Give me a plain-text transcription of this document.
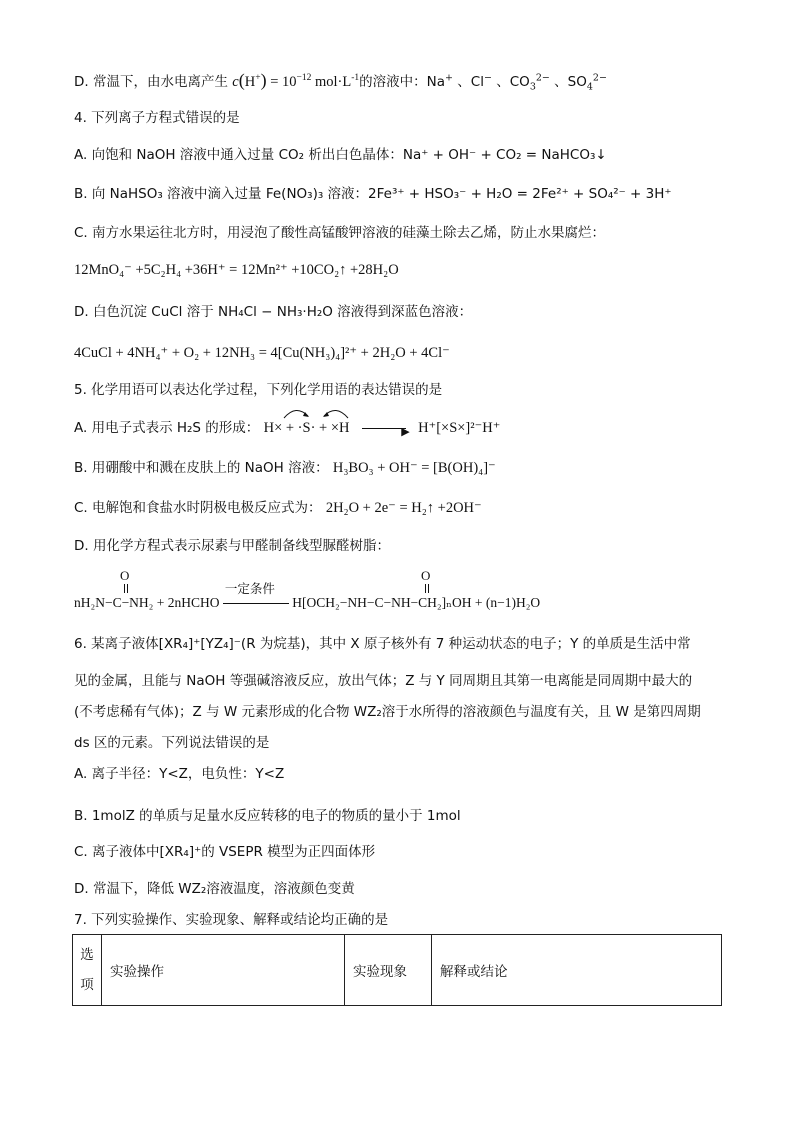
D. 常温下，由水电离产生 $c(H^+) = 10^{-12}$ $mol\cdot L^{-1}$的溶液中：Na+ 、Cl− 、$CO_3^{2-}$ 、$SO_4^{2-}$
4. 下列离子方程式错误的是
A. 向饱和 NaOH 溶液中通入过量 CO₂ 析出白色晶体：Na⁺ + OH⁻ + CO₂ = NaHCO₃↓
B. 向 NaHSO₃ 溶液中滴入过量 Fe(NO₃)₃ 溶液：2Fe³⁺ + HSO₃⁻ + H₂O = 2Fe²⁺ + SO₄²⁻ + 3H⁺
C. 南方水果运往北方时，用浸泡了酸性高锰酸钾溶液的硅藻土除去乙烯，防止水果腐烂：
12MnO₄⁻ +5C₂H₄ +36H⁺ = 12Mn²⁺ +10CO₂↑ +28H₂O
D. 白色沉淀 CuCl 溶于 NH₄Cl − NH₃·H₂O 溶液得到深蓝色溶液：
4CuCl + 4NH₄⁺ + O₂ + 12NH₃ = 4[Cu(NH₃)₄]²⁺ + 2H₂O + 4Cl⁻
5. 化学用语可以表达化学过程，下列化学用语的表达错误的是
A. 用电子式表示 H₂S 的形成： H× + ·S· + ×H	▶ H⁺[×S×]²⁻H⁺
B. 用硼酸中和溅在皮肤上的 NaOH 溶液： H₃BO₃ + OH⁻ = [B(OH)₄]⁻
C. 电解饱和食盐水时阴极电极反应式为： 2H₂O + 2e⁻ = H₂↑ +2OH⁻
D. 用化学方程式表示尿素与甲醛制备线型脲醛树脂：
O	O
nH₂N−C−NH₂ + 2nHCHO
一定条件
H[OCH₂−NH−C−NH−CH₂]ₙOH + (n−1)H₂O
6. 某离子液体[XR₄]⁺[YZ₄]⁻(R 为烷基)，其中 X 原子核外有 7 种运动状态的电子；Y 的单质是生活中常
见的金属，且能与 NaOH 等强碱溶液反应，放出气体；Z 与 Y 同周期且其第一电离能是同周期中最大的
(不考虑稀有气体)；Z 与 W 元素形成的化合物 WZ₂溶于水所得的溶液颜色与温度有关，且 W 是第四周期
ds 区的元素。下列说法错误的是
A. 离子半径：Y<Z，电负性：Y<Z
B. 1molZ 的单质与足量水反应转移的电子的物质的量小于 1mol
C. 离子液体中[XR₄]⁺的 VSEPR 模型为正四面体形
D. 常温下，降低 WZ₂溶液温度，溶液颜色变黄
7. 下列实验操作、实验现象、解释或结论均正确的是
选
项	实验操作	实验现象	解释或结论
